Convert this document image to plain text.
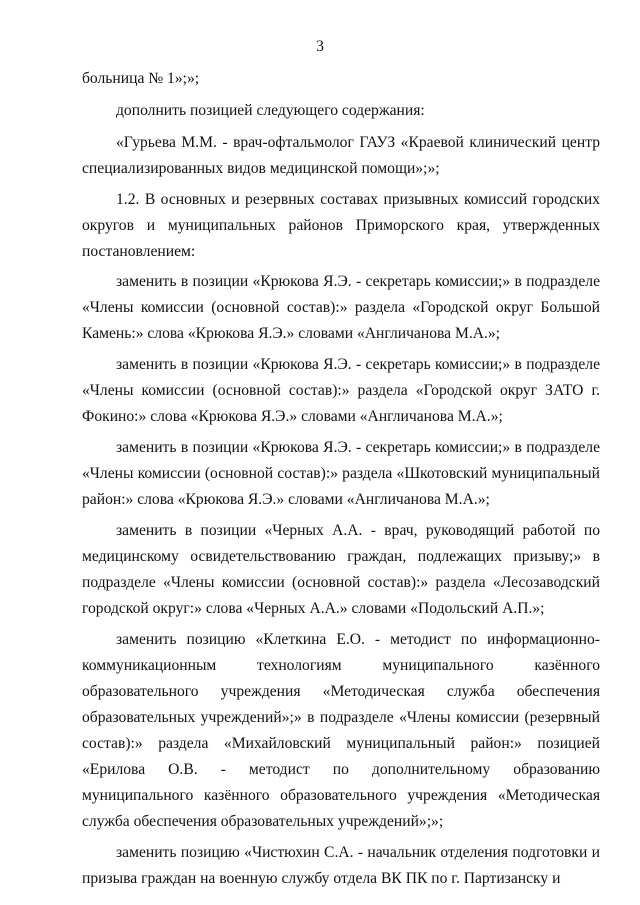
3

больница № 1»;»;

дополнить позицией следующего содержания:

«Гурьева М.М. - врач-офтальмолог ГАУЗ «Краевой клинический центр специализированных видов медицинской помощи»;»;

1.2. В основных и резервных составах призывных комиссий городских округов и муниципальных районов Приморского края, утвержденных постановлением:

заменить в позиции «Крюкова Я.Э. - секретарь комиссии;» в подразделе «Члены комиссии (основной состав):» раздела «Городской округ Большой Камень:» слова «Крюкова Я.Э.» словами «Англичанова М.А.»;

заменить в позиции «Крюкова Я.Э. - секретарь комиссии;» в подразделе «Члены комиссии (основной состав):» раздела «Городской округ ЗАТО г. Фокино:» слова «Крюкова Я.Э.» словами «Англичанова М.А.»;

заменить в позиции «Крюкова Я.Э. - секретарь комиссии;» в подразделе «Члены комиссии (основной состав):» раздела «Шкотовский муниципальный район:» слова «Крюкова Я.Э.» словами «Англичанова М.А.»;

заменить в позиции «Черных А.А. - врач, руководящий работой по медицинскому освидетельствованию граждан, подлежащих призыву;» в подразделе «Члены комиссии (основной состав):» раздела «Лесозаводский городской округ:» слова «Черных А.А.» словами «Подольский А.П.»;

заменить позицию «Клеткина Е.О. - методист по информационно-коммуникационным технологиям муниципального казённого образовательного учреждения «Методическая служба обеспечения образовательных учреждений»;» в подразделе «Члены комиссии (резервный состав):» раздела «Михайловский муниципальный район:» позицией «Ерилова О.В. - методист по дополнительному образованию муниципального казённого образовательного учреждения «Методическая служба обеспечения образовательных учреждений»;»;

заменить позицию «Чистюхин С.А. - начальник отделения подготовки и призыва граждан на военную службу отдела ВК ПК по г. Партизанску и
